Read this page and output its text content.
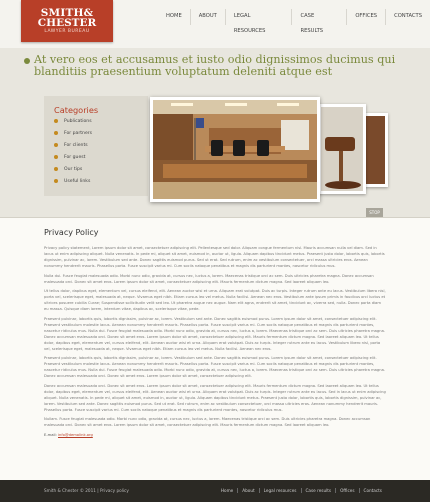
SMITH&
CHESTER
LAWYER BUREAU
HOME	ABOUT	LEGAL RESOURCES
CASE RESULTS
OFFICES	CONTACTS
At vero eos et accusamus et iusto odio dignissimos ducimus qui blanditiis praesentium voluptatum deleniti atque est
Categories
Publications
For partners
For clients
For guest
Our tips
Useful links
STOP
Privacy Policy

Privacy policy statement, Lorem ipsum dolor sit amet, consectetuer adipiscing elit. Pellentesque sed dolor. Aliquam congue fermentum nisl. Mauris accumsan nulla vel diam. Sed in lacus ut enim adipiscing aliquet. Nulla venenatis. In pede mi, aliquet sit amet, euismod in, auctor ut, ligula. Aliquam dapibus tincidunt metus. Praesent justo dolor, lobortis quis, lobortis dignissim, pulvinar ac, lorem. Vestibulum sed ante. Donec sagittis euismod purus. Sed ut erat. Sed rutrum, enim ac vestibulum consectetuer, orci massa ultricies eros. Aenean nonummy hendrerit mauris. Phasellus porta. Fusce suscipit varius mi. Cum sociis natoque penatibus et magnis dis parturient montes, nascetur ridiculus mus.

Nulla dui. Fusce feugiat malesuada odio. Morbi nunc odio, gravida at, cursus nec, luctus a, lorem. Maecenas tristique orci ac sem. Duis ultricies pharetra magna. Donec accumsan malesuada orci. Donec sit amet eros. Lorem ipsum dolor sit amet, consectetuer adipiscing elit. Mauris fermentum dictum magna. Sed laoreet aliquam leo.

Ut tellus dolor, dapibus eget, elementum vel, cursus eleifend, elit. Aenean auctor wisi et urna. Aliquam erat volutpat. Duis ac turpis. Integer rutrum ante eu lacus. Vestibulum libero nisl, porta vel, scelerisque eget, malesuada at, neque. Vivamus eget nibh. Etiam cursus leo vel metus. Nulla facilisi. Aenean nec eros. Vestibulum ante ipsum primis in faucibus orci luctus et ultrices posuere cubilia Curae; Suspendisse sollicitudin velit sed leo. Ut pharetra augue nec augue. Nam elit agna, endrerit sit amet, tincidunt ac, viverra sed, nulla. Donec porta diam eu massa. Quisque diam lorem, interdum vitae, dapibus ac, scelerisque vitae, pede.

Praesent pulvinar, lobortis quis, lobortis dignissim, pulvinar ac, lorem. Vestibulum sed ante. Donec sagittis euismod purus. Lorem ipsum dolor sit amet, consectetuer adipiscing elit. Praesent vestibulum molestie lacus. Aenean nonummy hendrerit mauris. Phasellus porta. Fusce suscipit varius mi. Cum sociis natoque penatibus et magnis dis parturient montes, nascetur ridiculus mus. Nulla dui. Fusce feugiat malesuada odio. Morbi nunc odio, gravida at, cursus nec, luctus a, lorem. Maecenas tristique orci ac sem. Duis ultricies pharetra magna. Donec accumsan malesuada orci. Donec sit amet eros. Lorem ipsum dolor sit amet, consectetuer adipiscing elit. Mauris fermentum dictum magna. Sed laoreet aliquam leo. Ut tellus dolor, dapibus eget, elementum vel, cursus eleifend, elit. Aenean auctor wisi et urna. Aliquam erat volutpat. Duis ac turpis. Integer rutrum ante eu lacus. Vestibulum libero nisl, porta vel, scelerisque eget, malesuada at, neque. Vivamus eget nibh. Etiam cursus leo vel metus. Nulla facilisi. Aenean nec eros.

Praesent pulvinar, lobortis quis, lobortis dignissim, pulvinar ac, lorem. Vestibulum sed ante. Donec sagittis euismod purus. Lorem ipsum dolor sit amet, consectetuer adipiscing elit. Praesent vestibulum molestie lacus. Aenean nonummy hendrerit mauris. Phasellus porta. Fusce suscipit varius mi. Cum sociis natoque penatibus et magnis dis parturient montes, nascetur ridiculus mus. Nulla dui. Fusce feugiat malesuada odio. Morbi nunc odio, gravida at, cursus nec, luctus a, lorem. Maecenas tristique orci ac sem. Duis ultricies pharetra magna. Donec accumsan malesuada orci. Donec sit amet eros. Lorem ipsum dolor sit amet, consectetuer adipiscing elit.

Donec accumsan malesuada orci. Donec sit amet eros. Lorem ipsum dolor sit amet, consectetuer adipiscing elit. Mauris fermentum dictum magna. Sed laoreet aliquam leo. Ut tellus dolor, dapibus eget, elementum vel, cursus eleifend, elit. Aenean auctor wisi et urna. Aliquam erat volutpat. Duis ac turpis. Integer rutrum ante eu lacus. Sed in lacus ut enim adipiscing aliquet. Nulla venenatis. In pede mi, aliquet sit amet, euismod in, auctor ut, ligula. Aliquam dapibus tincidunt metus. Praesent justo dolor, lobortis quis, lobortis dignissim, pulvinar ac, lorem. Vestibulum sed ante. Donec sagittis euismod purus. Sed ut erat. Sed rutrum, enim ac vestibulum consectetuer, orci massa ultricies eros. Aenean nonummy hendrerit mauris. Phasellus porta. Fusce suscipit varius mi. Cum sociis natoque penatibus et magnis dis parturient montes, nascetur ridiculus mus.

Nullam. Fusce feugiat malesuada odio. Morbi nunc odio, gravida at, cursus nec, luctus a, lorem. Maecenas tristique orci ac sem. Duis ultricies pharetra magna. Donec accumsan malesuada orci. Donec sit amet eros. Lorem ipsum dolor sit amet, consectetuer adipiscing elit. Mauris fermentum dictum magna. Sed laoreet aliquam leo.

E-mail: info@demolink.org

Smith & Chester © 2011 | Privacy policy	Home	About	Legal resources	Case results	Offices	Contacts
